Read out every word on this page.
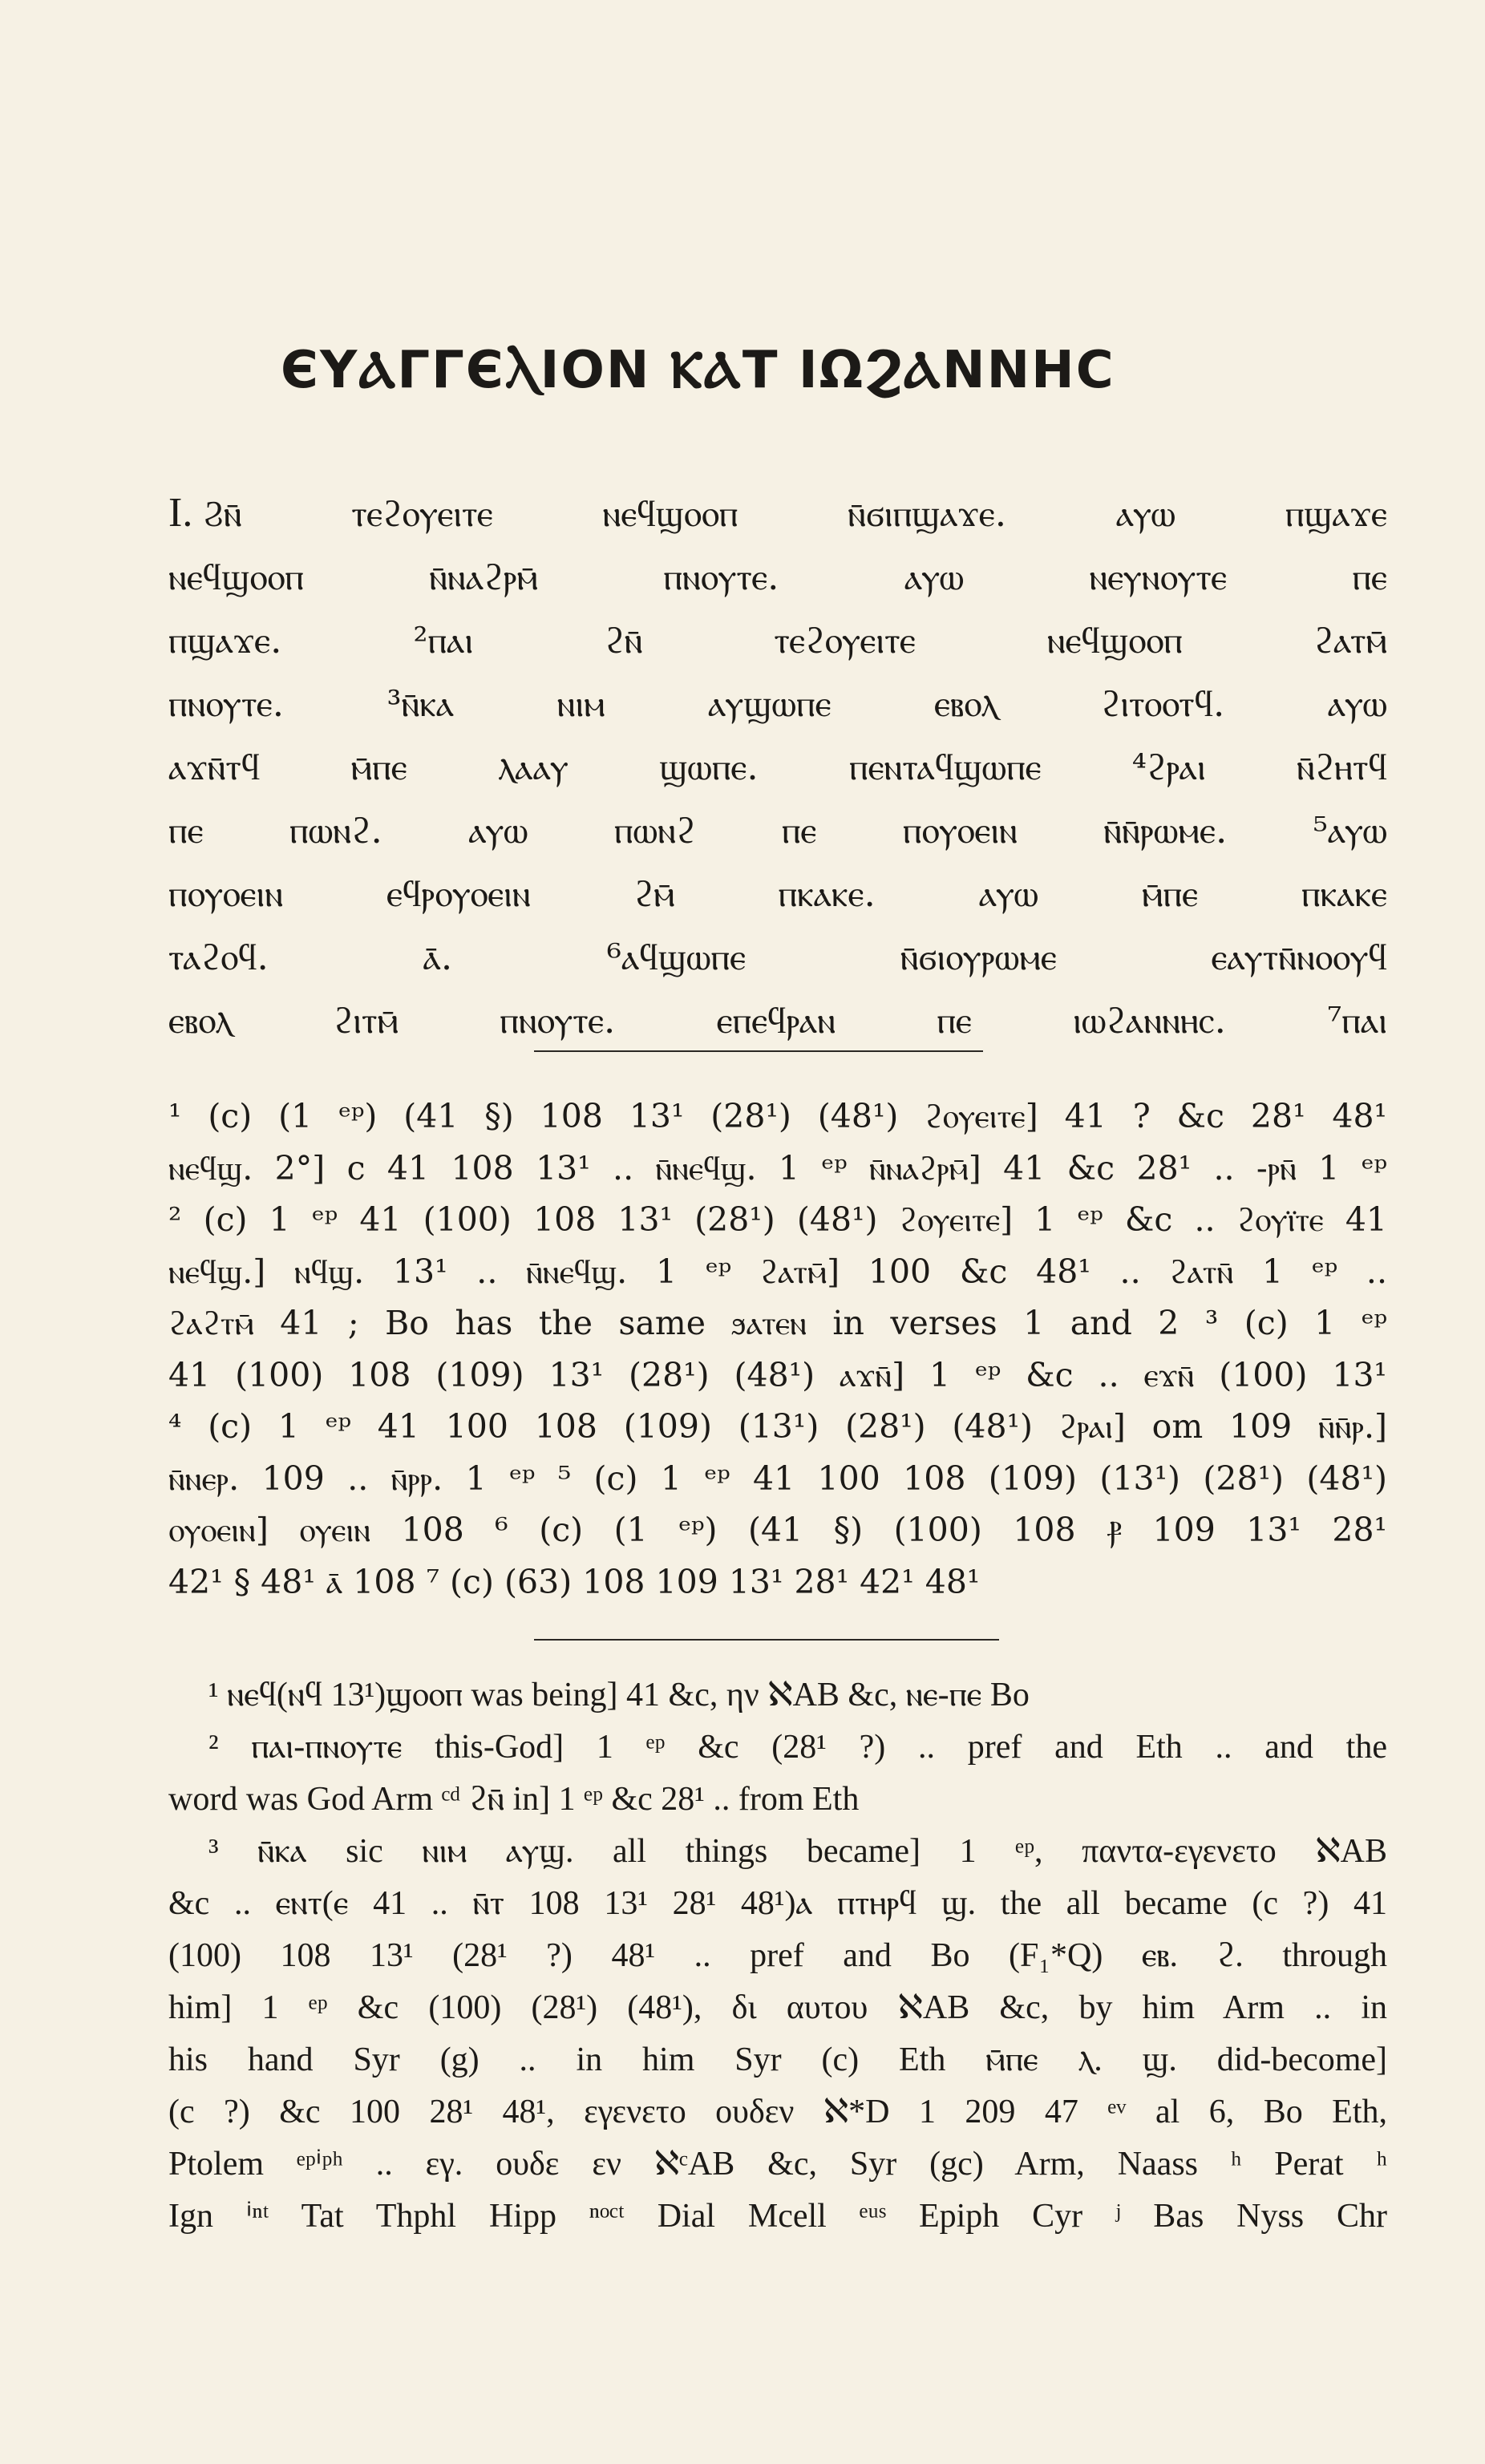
ЄΥⲀΓΓЄⲖΙΟΝ ⲔⲀΤ ΙΩϨⲀΝΝΗϹ
I. Ϩⲛ̄ ⲧⲉϩⲟⲩⲉⲓⲧⲉ ⲛⲉϥϣⲟⲟⲡ ⲛ̄ϭⲓⲡϣⲁϫⲉ. ⲁⲩⲱ ⲡϣⲁϫⲉ
ⲛⲉϥϣⲟⲟⲡ ⲛ̄ⲛⲁϩⲣⲙ̄ ⲡⲛⲟⲩⲧⲉ. ⲁⲩⲱ ⲛⲉⲩⲛⲟⲩⲧⲉ ⲡⲉ
ⲡϣⲁϫⲉ. ²ⲡⲁⲓ ϩⲛ̄ ⲧⲉϩⲟⲩⲉⲓⲧⲉ ⲛⲉϥϣⲟⲟⲡ ϩⲁⲧⲙ̄
ⲡⲛⲟⲩⲧⲉ. ³ⲛ̄ⲕⲁ ⲛⲓⲙ ⲁⲩϣⲱⲡⲉ ⲉⲃⲟⲗ ϩⲓⲧⲟⲟⲧϥ. ⲁⲩⲱ
ⲁϫⲛ̄ⲧϥ ⲙ̄ⲡⲉ ⲗⲁⲁⲩ ϣⲱⲡⲉ. ⲡⲉⲛⲧⲁϥϣⲱⲡⲉ ⁴ϩⲣⲁⲓ ⲛ̄ϩⲏⲧϥ
ⲡⲉ ⲡⲱⲛϩ. ⲁⲩⲱ ⲡⲱⲛϩ ⲡⲉ ⲡⲟⲩⲟⲉⲓⲛ ⲛ̄ⲛ̄ⲣⲱⲙⲉ. ⁵ⲁⲩⲱ
ⲡⲟⲩⲟⲉⲓⲛ ⲉϥⲣⲟⲩⲟⲉⲓⲛ ϩⲙ̄ ⲡⲕⲁⲕⲉ. ⲁⲩⲱ ⲙ̄ⲡⲉ ⲡⲕⲁⲕⲉ
ⲧⲁϩⲟϥ. ⲁ̄. ⁶ⲁϥϣⲱⲡⲉ ⲛ̄ϭⲓⲟⲩⲣⲱⲙⲉ ⲉⲁⲩⲧⲛ̄ⲛⲟⲟⲩϥ
ⲉⲃⲟⲗ ϩⲓⲧⲙ̄ ⲡⲛⲟⲩⲧⲉ. ⲉⲡⲉϥⲣⲁⲛ ⲡⲉ ⲓⲱϩⲁⲛⲛⲏⲥ. ⁷ⲡⲁⲓ
¹ (c) (1 ᵉᵖ) (41 §) 108 13¹ (28¹) (48¹) ϩⲟⲩⲉⲓⲧⲉ] 41 ? &c 28¹ 48¹
ⲛⲉϥϣ. 2°] c 41 108 13¹ .. ⲛ̄ⲛⲉϥϣ. 1 ᵉᵖ ⲛ̄ⲛⲁϩⲣⲙ̄] 41 &c 28¹ .. -ⲣⲛ̄ 1 ᵉᵖ
² (c) 1 ᵉᵖ 41 (100) 108 13¹ (28¹) (48¹) ϩⲟⲩⲉⲓⲧⲉ] 1 ᵉᵖ &c .. ϩⲟⲩⲓ̈ⲧⲉ 41
ⲛⲉϥϣ.] ⲛϥϣ. 13¹ .. ⲛ̄ⲛⲉϥϣ. 1 ᵉᵖ ϩⲁⲧⲙ̄] 100 &c 48¹ .. ϩⲁⲧⲛ̄ 1 ᵉᵖ ..
ϩⲁϩⲧⲙ̄ 41 ; Bo has the same ϧⲁⲧⲉⲛ in verses 1 and 2 ³ (c) 1 ᵉᵖ
41 (100) 108 (109) 13¹ (28¹) (48¹) ⲁϫⲛ̄] 1 ᵉᵖ &c .. ⲉϫⲛ̄ (100) 13¹
⁴ (c) 1 ᵉᵖ 41 100 108 (109) (13¹) (28¹) (48¹) ϩⲣⲁⲓ] om 109 ⲛ̄ⲛ̄ⲣ.]
ⲛ̄ⲛⲉⲣ. 109 .. ⲛ̄ⲣⲣ. 1 ᵉᵖ ⁵ (c) 1 ᵉᵖ 41 100 108 (109) (13¹) (28¹) (48¹)
ⲟⲩⲟⲉⲓⲛ] ⲟⲩⲉⲓⲛ 108 ⁶ (c) (1 ᵉᵖ) (41 §) (100) 108 ⳁ 109 13¹ 28¹
42¹ § 48¹ ⲁ̄ 108 ⁷ (c) (63) 108 109 13¹ 28¹ 42¹ 48¹
¹ ⲛⲉϥ(ⲛϥ 13¹)ϣⲟⲟⲡ was being] 41 &c, ην ℵAB &c, ⲛⲉ-ⲡⲉ Bo
² ⲡⲁⲓ-ⲡⲛⲟⲩⲧⲉ this-God] 1 ᵉᵖ &c (28¹ ?) .. pref and Eth .. and the
word was God Arm ᶜᵈ ϩⲛ̄ in] 1 ᵉᵖ &c 28¹ .. from Eth
³ ⲛ̄ⲕⲁ sic ⲛⲓⲙ ⲁⲩϣ. all things became] 1 ᵉᵖ, παντα-εγενετο ℵAB
&c .. ⲉⲛⲧ(ⲉ 41 .. ⲛ̄ⲧ 108 13¹ 28¹ 48¹)ⲁ ⲡⲧⲏⲣϥ ϣ. the all became (c ?) 41
(100) 108 13¹ (28¹ ?) 48¹ .. pref and Bo (F₁*Q) ⲉⲃ. ϩ. through
him] 1 ᵉᵖ &c (100) (28¹) (48¹), δι αυτου ℵAB &c, by him Arm .. in
his hand Syr (g) .. in him Syr (c) Eth ⲙ̄ⲡⲉ ⲗ. ϣ. did-become]
(c ?) &c 100 28¹ 48¹, εγενετο ουδεν ℵ*D 1 209 47 ᵉᵛ al 6, Bo Eth,
Ptolem ᵉᵖⁱᵖʰ .. εγ. ουδε εν ℵᶜAB &c, Syr (gc) Arm, Naass ʰ Perat ʰ
Ign ⁱⁿᵗ Tat Thphl Hipp ⁿᵒᶜᵗ Dial Mcell ᵉᵘˢ Epiph Cyr ʲ Bas Nyss Chr
